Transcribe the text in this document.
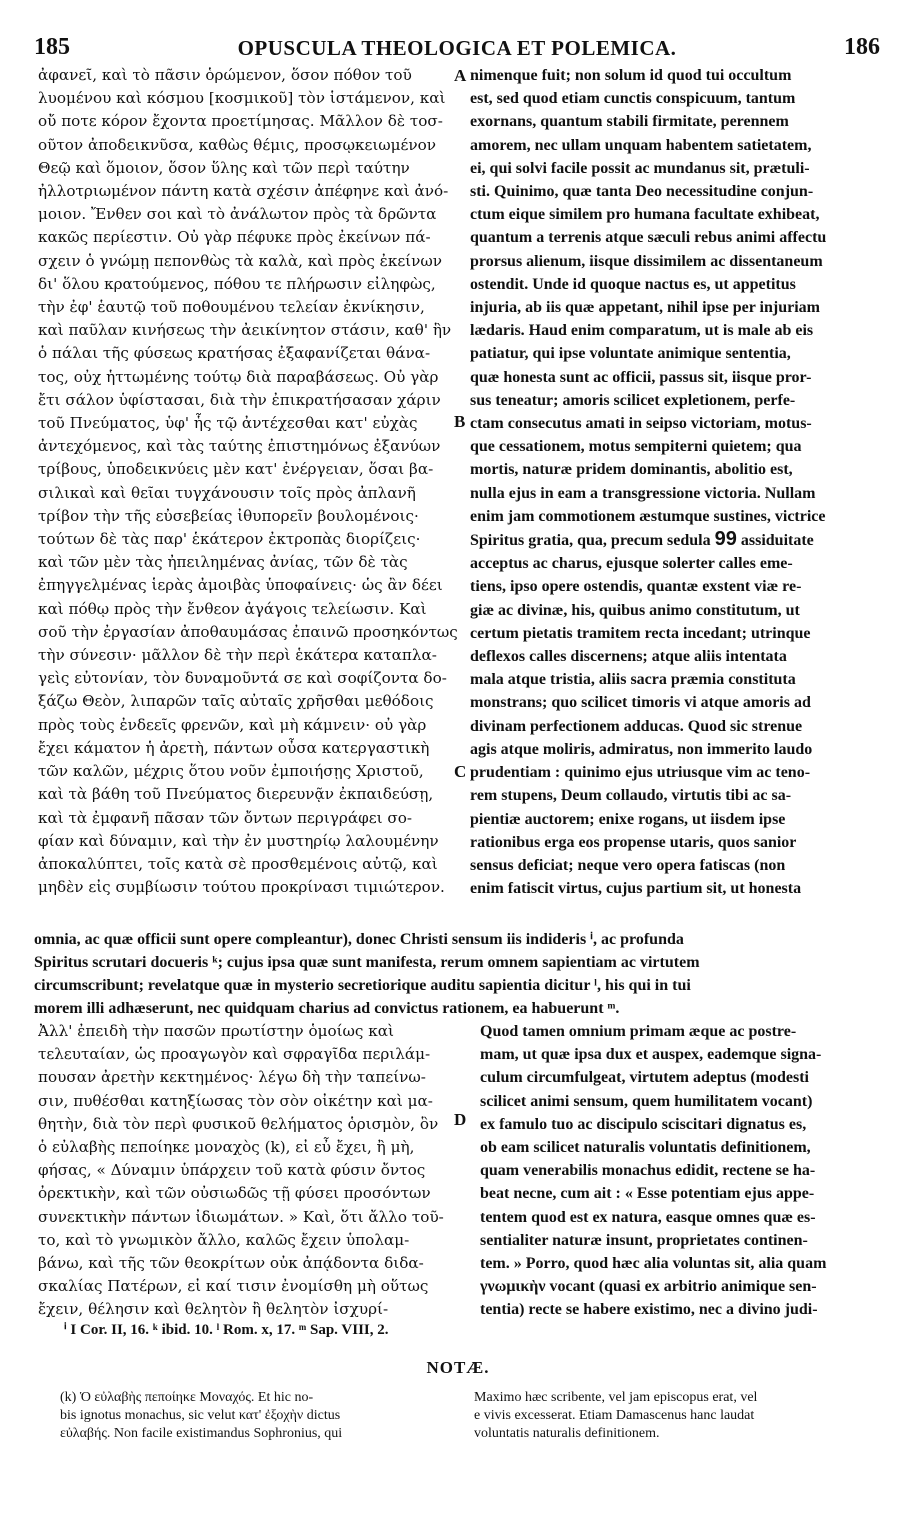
185	OPUSCULA THEOLOGICA ET POLEMICA.	186
ἀφανεῖ, καὶ τὸ πᾶσιν ὁρώμενον, ὅσον πόθον τοῦ
λυομένου καὶ κόσμου [κοσμικοῦ] τὸν ἱστάμενον, καὶ
οὔ ποτε κόρον ἔχοντα προετίμησας. Μᾶλλον δὲ τοσ-
οῦτον ἀποδεικνῦσα, καθὼς θέμις, προσῳκειωμένον
Θεῷ καὶ ὅμοιον, ὅσον ὕλης καὶ τῶν περὶ ταύτην
ἠλλοτριωμένον πάντη κατὰ σχέσιν ἀπέφηνε καὶ ἀνό-
μοιον. Ἔνθεν σοι καὶ τὸ ἀνάλωτον πρὸς τὰ δρῶντα
κακῶς περίεστιν. Οὐ γὰρ πέφυκε πρὸς ἐκείνων πά-
σχειν ὁ γνώμῃ πεπονθὼς τὰ καλὰ, καὶ πρὸς ἐκείνων
δι' ὅλου κρατούμενος, πόθου τε πλήρωσιν εἰληφὼς,
τὴν ἐφ' ἑαυτῷ τοῦ ποθουμένου τελείαν ἐκνίκησιν,
καὶ παῦλαν κινήσεως τὴν ἀεικίνητον στάσιν, καθ' ἣν
ὁ πάλαι τῆς φύσεως κρατήσας ἐξαφανίζεται θάνα-
τος, οὐχ ἡττωμένης τούτῳ διὰ παραβάσεως. Οὐ γὰρ
ἔτι σάλον ὑφίστασαι, διὰ τὴν ἐπικρατήσασαν χάριν
τοῦ Πνεύματος, ὑφ' ἧς τῷ ἀντέχεσθαι κατ' εὐχὰς
ἀντεχόμενος, καὶ τὰς ταύτης ἐπιστημόνως ἐξανύων
τρίβους, ὑποδεικνύεις μὲν κατ' ἐνέργειαν, ὅσαι βα-
σιλικαὶ καὶ θεῖαι τυγχάνουσιν τοῖς πρὸς ἀπλανῆ
τρίβον τὴν τῆς εὐσεβείας ἰθυπορεῖν βουλομένοις·
τούτων δὲ τὰς παρ' ἑκάτερον ἐκτροπὰς διορίζεις·
καὶ τῶν μὲν τὰς ἠπειλημένας ἀνίας, τῶν δὲ τὰς
ἐπηγγελμένας ἱερὰς ἀμοιβὰς ὑποφαίνεις· ὡς ἂν δέει
καὶ πόθῳ πρὸς τὴν ἔνθεον ἀγάγοις τελείωσιν. Καὶ
σοῦ τὴν ἐργασίαν ἀποθαυμάσας ἐπαινῶ προσηκόντως
τὴν σύνεσιν· μᾶλλον δὲ τὴν περὶ ἑκάτερα καταπλα-
γεὶς εὐτονίαν, τὸν δυναμοῦντά σε καὶ σοφίζοντα δο-
ξάζω Θεὸν, λιπαρῶν ταῖς αὐταῖς χρῆσθαι μεθόδοις
πρὸς τοὺς ἐνδεεῖς φρενῶν, καὶ μὴ κάμνειν· οὐ γὰρ
ἔχει κάματον ἡ ἀρετὴ, πάντων οὖσα κατεργαστικὴ
τῶν καλῶν, μέχρις ὅτου νοῦν ἐμποιήσῃς Χριστοῦ,
καὶ τὰ βάθη τοῦ Πνεύματος διερευνᾷν ἐκπαιδεύσῃ,
καὶ τὰ ἐμφανῆ πᾶσαν τῶν ὄντων περιγράφει σο-
φίαν καὶ δύναμιν, καὶ τὴν ἐν μυστηρίῳ λαλουμένην
ἀποκαλύπτει, τοῖς κατὰ σὲ προσθεμένοις αὐτῷ, καὶ
μηδὲν εἰς συμβίωσιν τούτου προκρίνασι τιμιώτερον.
nimenque fuit; non solum id quod tui occultum
est, sed quod etiam cunctis conspicuum, tantum
exornans, quantum stabili firmitate, perennem
amorem, nec ullam unquam habentem satietatem,
ei, qui solvi facile possit ac mundanus sit, prætuli-
sti. Quinimo, quæ tanta Deo necessitudine conjun-
ctum eique similem pro humana facultate exhibeat,
quantum a terrenis atque sæculi rebus animi affectu
prorsus alienum, iisque dissimilem ac dissentaneum
ostendit. Unde id quoque nactus es, ut appetitus
injuria, ab iis quæ appetant, nihil ipse per injuriam
lædaris. Haud enim comparatum, ut is male ab eis
patiatur, qui ipse voluntate animique sententia,
quæ honesta sunt ac officii, passus sit, iisque pror-
sus teneatur; amoris scilicet expletionem, perfe-
ctam consecutus amati in seipso victoriam, motus-
que cessationem, motus sempiterni quietem; qua
mortis, naturæ pridem dominantis, abolitio est,
nulla ejus in eam a transgressione victoria. Nullam
enim jam commotionem æstumque sustines, victrice
Spiritus gratia, qua, precum sedula 99 assiduitate
acceptus ac charus, ejusque solerter calles eme-
tiens, ipso opere ostendis, quantæ exstent viæ re-
giæ ac divinæ, his, quibus animo constitutum, ut
certum pietatis tramitem recta incedant; utrinque
deflexos calles discernens; atque aliis intentata
mala atque tristia, aliis sacra præmia constituta
monstrans; quo scilicet timoris vi atque amoris ad
divinam perfectionem adducas. Quod sic strenue
agis atque moliris, admiratus, non immerito laudo
prudentiam : quinimo ejus utriusque vim ac teno-
rem stupens, Deum collaudo, virtutis tibi ac sa-
pientiæ auctorem; enixe rogans, ut iisdem ipse
rationibus erga eos propense utaris, quos sanior
sensus deficiat; neque vero opera fatiscas (non
enim fatiscit virtus, cujus partium sit, ut honesta
A
B
C
D
omnia, ac quæ officii sunt opere compleantur), donec Christi sensum iis indideris ⁱ, ac profunda
Spiritus scrutari docueris ᵏ; cujus ipsa quæ sunt manifesta, rerum omnem sapientiam ac virtutem
circumscribunt; revelatque quæ in mysterio secretiorique auditu sapientia dicitur ˡ, his qui in tui
morem illi adhæserunt, nec quidquam charius ad convictus rationem, ea habuerunt ᵐ.
Ἀλλ' ἐπειδὴ τὴν πασῶν πρωτίστην ὁμοίως καὶ
τελευταίαν, ὡς προαγωγὸν καὶ σφραγῖδα περιλάμ-
πουσαν ἀρετὴν κεκτημένος· λέγω δὴ τὴν ταπείνω-
σιν, πυθέσθαι κατηξίωσας τὸν σὸν οἰκέτην καὶ μα-
θητὴν, διὰ τὸν περὶ φυσικοῦ θελήματος ὁρισμὸν, ὃν
ὁ εὐλαβὴς πεποίηκε μοναχὸς (k), εἰ εὖ ἔχει, ἢ μὴ,
φήσας, « Δύναμιν ὑπάρχειν τοῦ κατὰ φύσιν ὄντος
ὀρεκτικὴν, καὶ τῶν οὐσιωδῶς τῇ φύσει προσόντων
συνεκτικὴν πάντων ἰδιωμάτων. » Καὶ, ὅτι ἄλλο τοῦ-
το, καὶ τὸ γνωμικὸν ἄλλο, καλῶς ἔχειν ὑπολαμ-
βάνω, καὶ τῆς τῶν θεοκρίτων οὐκ ἀπᾴδοντα διδα-
σκαλίας Πατέρων, εἰ καί τισιν ἐνομίσθη μὴ οὕτως
ἔχειν, θέλησιν καὶ θελητὸν ἢ θελητὸν ἰσχυρί-
Quod tamen omnium primam æque ac postre-
mam, ut quæ ipsa dux et auspex, eademque signa-
culum circumfulgeat, virtutem adeptus (modesti
scilicet animi sensum, quem humilitatem vocant)
ex famulo tuo ac discipulo sciscitari dignatus es,
ob eam scilicet naturalis voluntatis definitionem,
quam venerabilis monachus edidit, rectene se ha-
beat necne, cum ait : « Esse potentiam ejus appe-
tentem quod est ex natura, easque omnes quæ es-
sentialiter naturæ insunt, proprietates continen-
tem. » Porro, quod hæc alia voluntas sit, alia quam
γνωμικὴν vocant (quasi ex arbitrio animique sen-
tentia) recte se habere existimo, nec a divino judi-
ⁱ I Cor. II, 16. ᵏ ibid. 10. ˡ Rom. x, 17. ᵐ Sap. VIII, 2.
NOTÆ.
(k) Ὁ εὐλαβὴς πεποίηκε Μοναχός. Et hic no-
bis ignotus monachus, sic velut κατ' ἐξοχὴν dictus
εὐλαβής. Non facile existimandus Sophronius, qui
Maximo hæc scribente, vel jam episcopus erat, vel
e vivis excesserat. Etiam Damascenus hanc laudat
voluntatis naturalis definitionem.
